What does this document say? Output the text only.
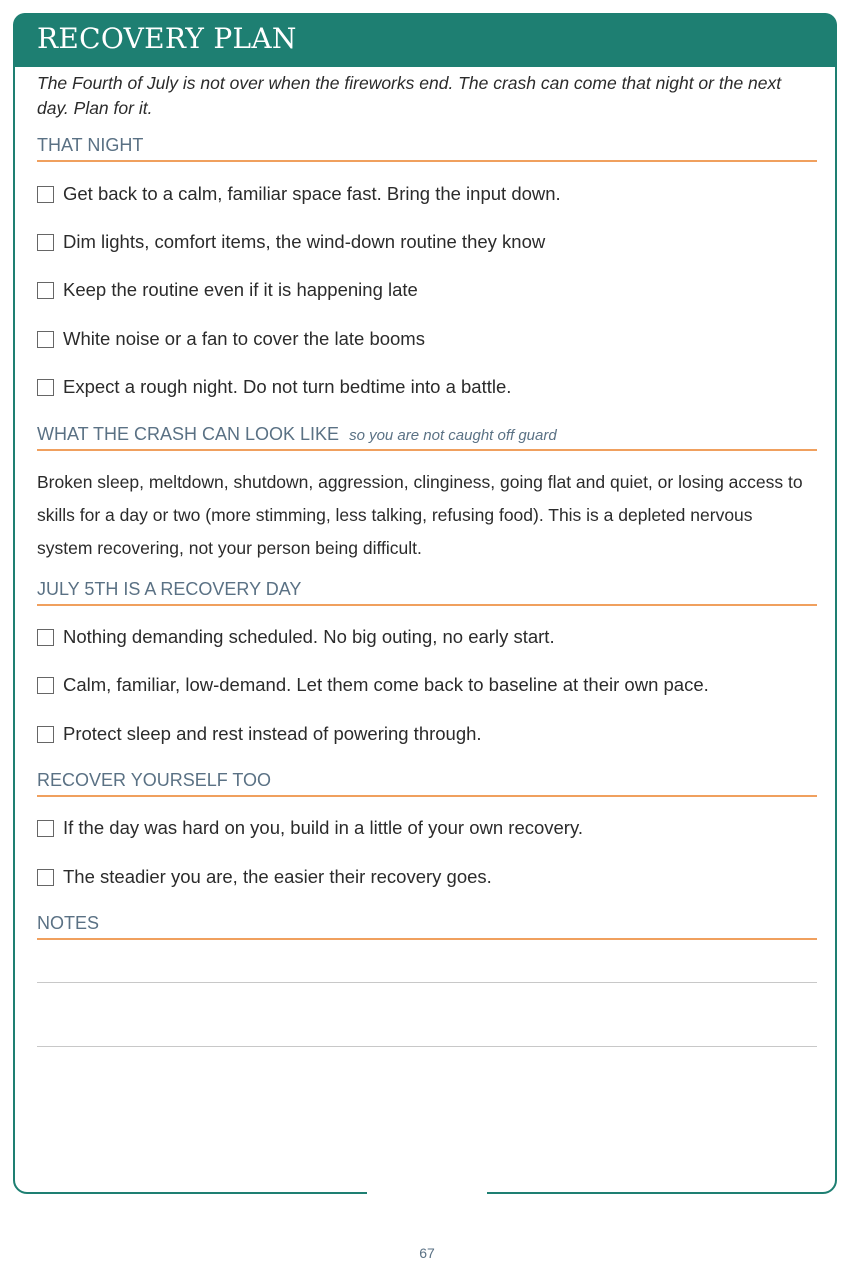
RECOVERY PLAN
The Fourth of July is not over when the fireworks end. The crash can come that night or the next day. Plan for it.
THAT NIGHT
Get back to a calm, familiar space fast. Bring the input down.
Dim lights, comfort items, the wind-down routine they know
Keep the routine even if it is happening late
White noise or a fan to cover the late booms
Expect a rough night. Do not turn bedtime into a battle.
WHAT THE CRASH CAN LOOK LIKE so you are not caught off guard
Broken sleep, meltdown, shutdown, aggression, clinginess, going flat and quiet, or losing access to skills for a day or two (more stimming, less talking, refusing food). This is a depleted nervous system recovering, not your person being difficult.
JULY 5TH IS A RECOVERY DAY
Nothing demanding scheduled. No big outing, no early start.
Calm, familiar, low-demand. Let them come back to baseline at their own pace.
Protect sleep and rest instead of powering through.
RECOVER YOURSELF TOO
If the day was hard on you, build in a little of your own recovery.
The steadier you are, the easier their recovery goes.
NOTES
67
